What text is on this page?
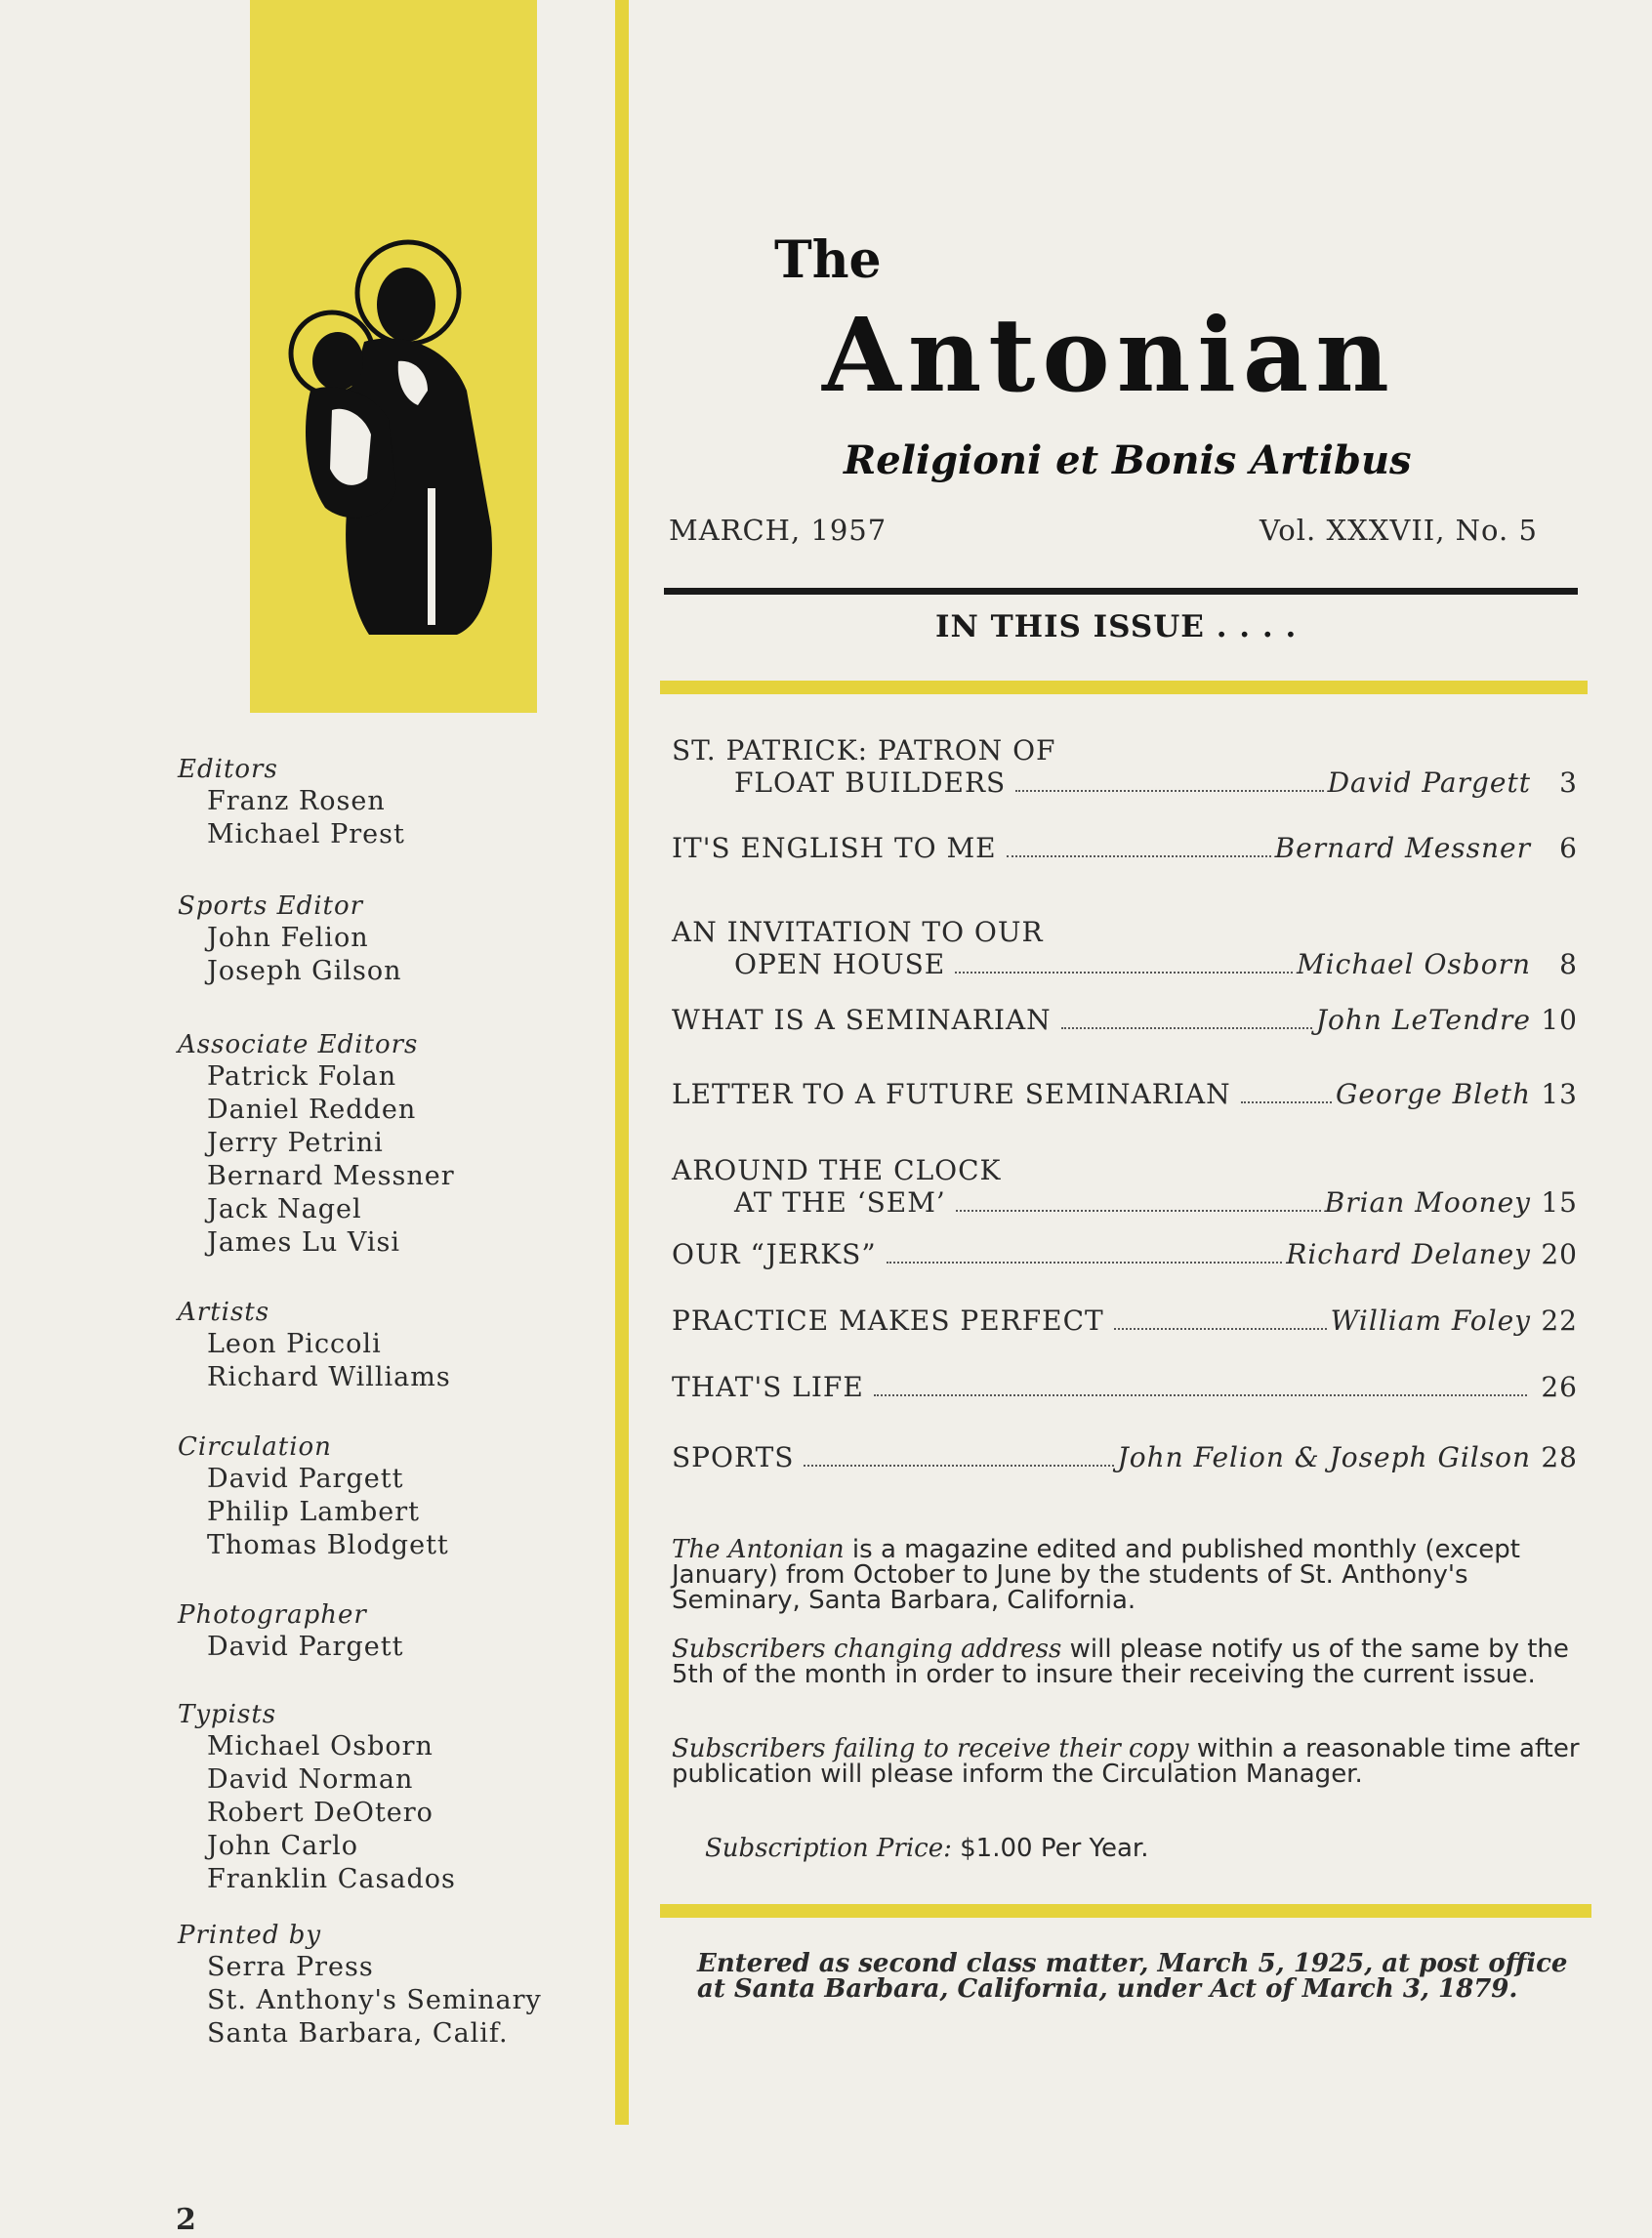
The
Antonian
Religioni et Bonis Artibus
MARCH, 1957	Vol. XXXVII, No. 5
IN THIS ISSUE . . . .
ST. PATRICK: PATRON OF
FLOAT BUILDERS	David Pargett	3
IT'S ENGLISH TO ME	Bernard Messner	6
AN INVITATION TO OUR
OPEN HOUSE	Michael Osborn	8
WHAT IS A SEMINARIAN	John LeTendre 10
LETTER TO A FUTURE SEMINARIAN	George Bleth 13
AROUND THE CLOCK
AT THE ‘SEM’	Brian Mooney 15
OUR “JERKS”	Richard Delaney 20
PRACTICE MAKES PERFECT	William Foley 22
THAT'S LIFE	26
SPORTS	John Felion & Joseph Gilson 28
The Antonian is a magazine edited and published monthly (except January) from October to June by the students of St. Anthony's Seminary, Santa Barbara, California.
Subscribers changing address will please notify us of the same by the 5th of the month in order to insure their receiving the current issue.
Subscribers failing to receive their copy within a reasonable time after publication will please inform the Circulation Manager.
Subscription Price: $1.00 Per Year.
Entered as second class matter, March 5, 1925, at post office at Santa Barbara, California, under Act of March 3, 1879.
Editors
Franz Rosen
Michael Prest
Sports Editor
John Felion
Joseph Gilson
Associate Editors
Patrick Folan
Daniel Redden
Jerry Petrini
Bernard Messner
Jack Nagel
James Lu Visi
Artists
Leon Piccoli
Richard Williams
Circulation
David Pargett
Philip Lambert
Thomas Blodgett
Photographer
David Pargett
Typists
Michael Osborn
David Norman
Robert DeOtero
John Carlo
Franklin Casados
Printed by
Serra Press
St. Anthony's Seminary
Santa Barbara, Calif.
2
